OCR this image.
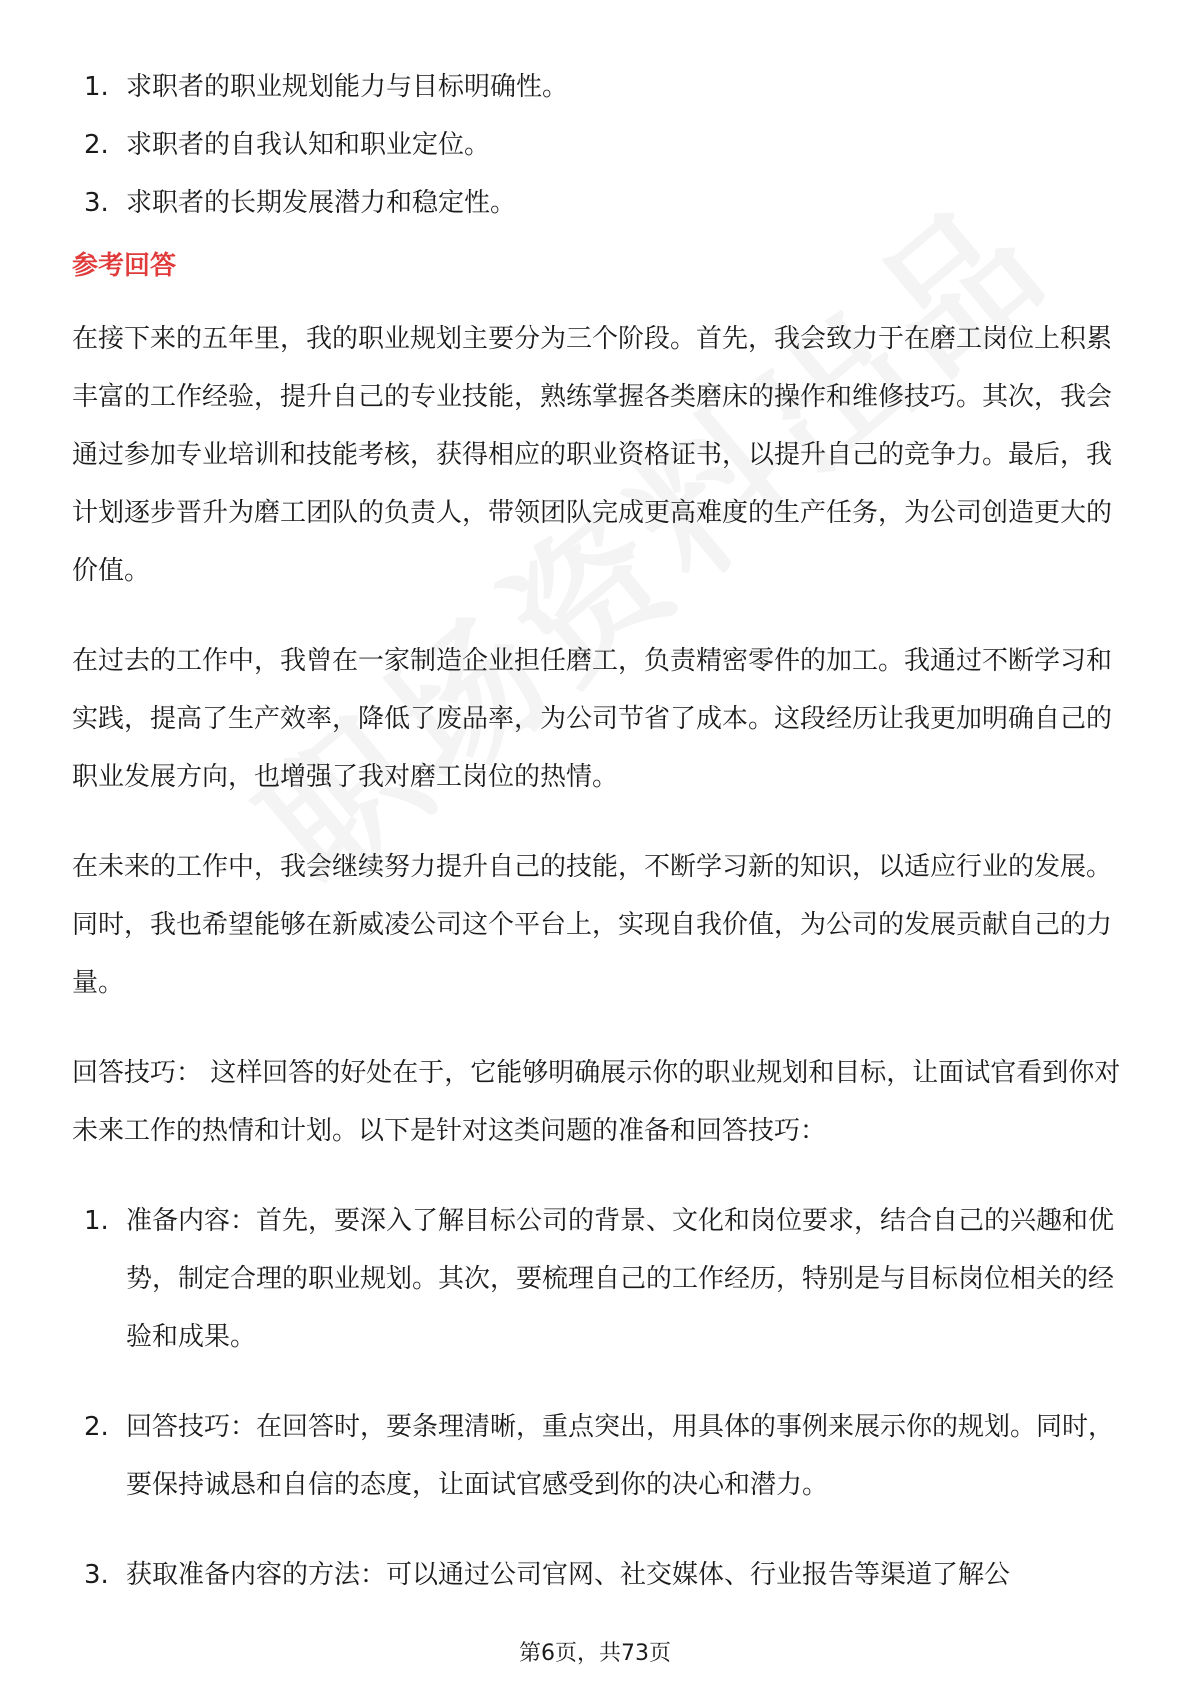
1. 求职者的职业规划能力与目标明确性。
2. 求职者的自我认知和职业定位。
3. 求职者的长期发展潜力和稳定性。
参考回答

在接下来的五年里，我的职业规划主要分为三个阶段。首先，我会致力于在磨工岗位上积累丰富的工作经验，提升自己的专业技能，熟练掌握各类磨床的操作和维修技巧。其次，我会通过参加专业培训和技能考核，获得相应的职业资格证书，以提升自己的竞争力。最后，我计划逐步晋升为磨工团队的负责人，带领团队完成更高难度的生产任务，为公司创造更大的价值。

在过去的工作中，我曾在一家制造企业担任磨工，负责精密零件的加工。我通过不断学习和实践，提高了生产效率，降低了废品率，为公司节省了成本。这段经历让我更加明确自己的职业发展方向，也增强了我对磨工岗位的热情。

在未来的工作中，我会继续努力提升自己的技能，不断学习新的知识，以适应行业的发展。同时，我也希望能够在新威凌公司这个平台上，实现自我价值，为公司的发展贡献自己的力量。

回答技巧： 这样回答的好处在于，它能够明确展示你的职业规划和目标，让面试官看到你对未来工作的热情和计划。以下是针对这类问题的准备和回答技巧：

1. 准备内容：首先，要深入了解目标公司的背景、文化和岗位要求，结合自己的兴趣和优势，制定合理的职业规划。其次，要梳理自己的工作经历，特别是与目标岗位相关的经验和成果。
2. 回答技巧：在回答时，要条理清晰，重点突出，用具体的事例来展示你的规划。同时，要保持诚恳和自信的态度，让面试官感受到你的决心和潜力。
3. 获取准备内容的方法：可以通过公司官网、社交媒体、行业报告等渠道了解公
第6页，共73页
